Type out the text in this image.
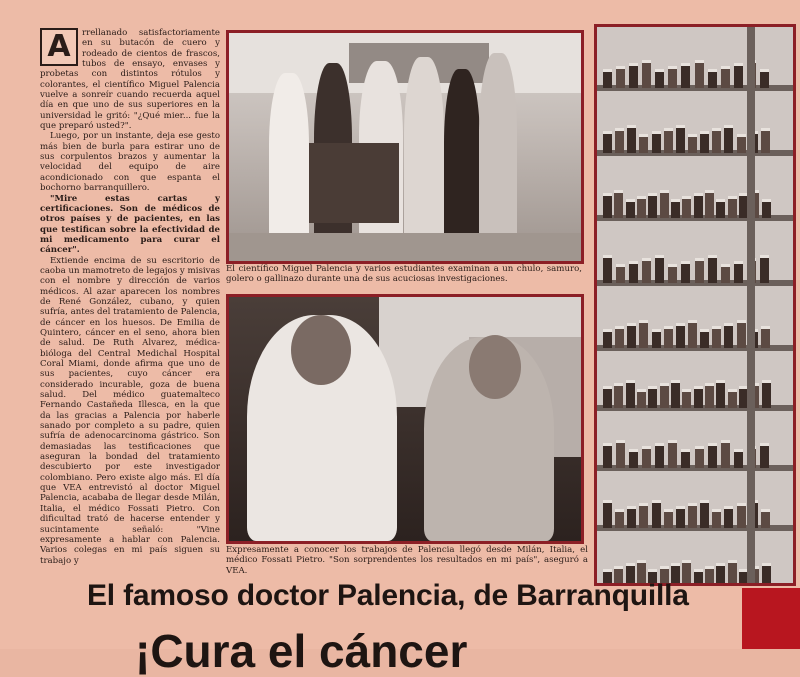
A	rrellanado satisfactoriamente en su butacón de cuero y rodeado de cientos de frascos, tubos de ensayo, envases y probetas con distintos rótulos y colorantes, el científico Miguel Palencia vuelve a sonreír cuando recuerda aquel día en que uno de sus superiores en la universidad le gritó: "¿Qué mier... fue la que preparó usted?".

Luego, por un instante, deja ese gesto más bien de burla para estirar uno de sus corpulentos brazos y aumentar la velocidad del equipo de aire acondicionado con que espanta el bochorno barranquillero.

"Mire estas cartas y certificaciones. Son de médicos de otros países y de pacientes, en las que testifican sobre la efectividad de mi medicamento para curar el cáncer".

Extiende encima de su escritorio de caoba un mamotreto de legajos y misivas con el nombre y dirección de varios médicos. Al azar aparecen los nombres de René González, cubano, y quien sufría, antes del tratamiento de Palencia, de cáncer en los huesos. De Emilia de Quintero, cáncer en el seno, ahora bien de salud. De Ruth Alvarez, médica-bióloga del Central Medichal Hospital Coral Miami, donde afirma que uno de sus pacientes, cuyo cáncer era considerado incurable, goza de buena salud. Del médico guatemalteco Fernando Castañeda Illesca, en la que da las gracias a Palencia por haberle sanado por completo a su padre, quien sufría de adenocarcinoma gástrico. Son demasiadas las testificaciones que aseguran la bondad del tratamiento descubierto por este investigador colombiano. Pero existe algo más. El día que VEA entrevistó al doctor Miguel Palencia, acababa de llegar desde Milán, Italia, el médico Fossati Pietro. Con dificultad trató de hacerse entender y sucintamente señaló: "Vine expresamente a hablar con Palencia. Varios colegas en mi país siguen su trabajo y

El científico Miguel Palencia y varios estudiantes examinan a un chulo, samuro, golero o gallinazo durante una de sus acuciosas investigaciones.
Expresamente a conocer los trabajos de Palencia llegó desde Milán, Italia, el médico Fossati Pietro. "Son sorprendentes los resultados en mi país", aseguró a VEA.
El famoso doctor Palencia, de Barranquilla
¡Cura el cáncer
